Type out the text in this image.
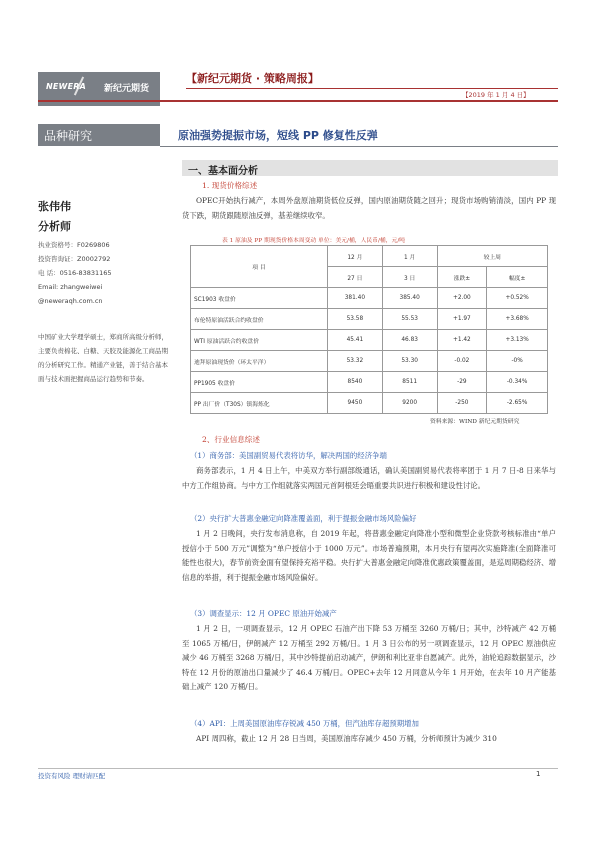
NEWERA 新纪元期货
【新纪元期货 · 策略周报】
【2019 年 1 月 4 日】
品种研究	原油强势提振市场，短线 PP 修复性反弹
一、基本面分析
张伟伟
分析师
执业资格号：F0269806
投资咨询证：Z0002792
电 话：0516-83831165
Email: zhangweiwei
@neweraqh.com.cn
中国矿业大学理学硕士，郑商所高级分析师，主要负责棉花、白糖、天胶及能源化工商品期的分析研究工作。精通产业链，善于结合基本面与技术面把握商品运行趋势和节奏。
1. 现货价格综述
OPEC开始执行减产，本周外盘原油期货低位反弹，国内原油期货随之回升；现货市场购销清淡，国内 PP 现货下跌，期货跟随原油反弹，基差继续收窄。
表 1 原油及 PP 期现货价格本周变动 单位：美元/桶，人民币/桶，元/吨
项 目	12 月	1 月	较上周	
	27 日	3 日	涨跌±	幅度±
SC1903 收盘价	381.40	385.40	+2.00	+0.52%
布伦特原油活跃合约收盘价	53.58	55.53	+1.97	+3.68%
WTI 原油活跃合约收盘价	45.41	46.83	+1.42	+3.13%
迪拜原油现货价（环太平洋）	53.32	53.30	-0.02	-0%
PP1905 收盘价	8540	8511	-29	-0.34%
PP 出厂价（T30S）镇海炼化	9450	9200	-250	-2.65%
资料来源：WIND 新纪元期货研究
2、行业信息综述
（1）商务部：美国副贸易代表将访华，解决两国的经济争端
商务部表示，1 月 4 日上午，中美双方举行副部级通话，确认美国副贸易代表将率团于 1 月 7 日-8 日来华与中方工作组协商。与中方工作组就落实两国元首阿根廷会晤重要共识进行积极和建设性讨论。
（2）央行扩大普惠金融定向降准覆盖面，利于提振金融市场风险偏好
1 月 2 日晚间，央行发布消息称，自 2019 年起，将普惠金融定向降准小型和微型企业贷款考核标准由“单户授信小于 500 万元”调整为“单户授信小于 1000 万元”。市场普遍预期，本月央行有望再次实施降准(全面降准可能性也很大)，春节前资金面有望保持充裕平稳。央行扩大普惠金融定向降准优惠政策覆盖面，是巡周期稳经济、增信息的举措，利于提振金融市场风险偏好。
（3）调查显示：12 月 OPEC 原油开始减产
1 月 2 日，一项调查显示，12 月 OPEC 石油产出下降 53 万桶至 3260 万桶/日；其中，沙特减产 42 万桶至 1065 万桶/日，伊朗减产 12 万桶至 292 万桶/日。1 月 3 日公布的另一项调查显示，12 月 OPEC 原油供应减少 46 万桶至 3268 万桶/日，其中沙特提前启动减产，伊朗和利比亚非自愿减产。此外，油轮追踪数据显示，沙特在 12 月份的原油出口量减少了 46.4 万桶/日。OPEC+去年 12 月同意从今年 1 月开始，在去年 10 月产能基础上减产 120 万桶/日。
（4）API：上周美国原油库存锐减 450 万桶，但汽油库存超预期增加
API 周四称，截止 12 月 28 日当周，美国原油库存减少 450 万桶，分析师预计为减少 310
投资有风险 理财请匹配	1
